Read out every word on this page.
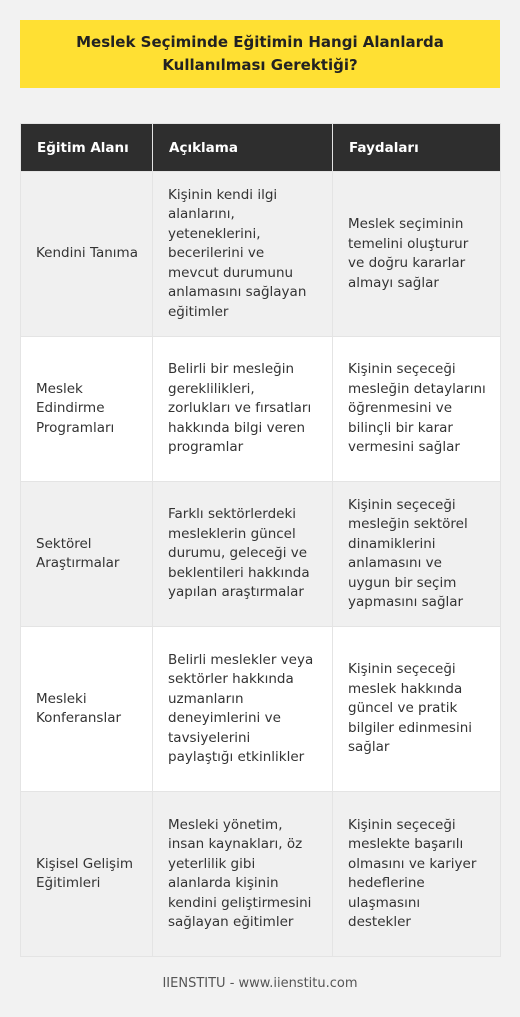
Meslek Seçiminde Eğitimin Hangi Alanlarda Kullanılması Gerektiği?
Eğitim Alanı	Açıklama	Faydaları
Kendini Tanıma	Kişinin kendi ilgi alanlarını, yeteneklerini, becerilerini ve mevcut durumunu anlamasını sağlayan eğitimler	Meslek seçiminin temelini oluşturur ve doğru kararlar almayı sağlar
Meslek Edindirme Programları	Belirli bir mesleğin gereklilikleri, zorlukları ve fırsatları hakkında bilgi veren programlar	Kişinin seçeceği mesleğin detaylarını öğrenmesini ve bilinçli bir karar vermesini sağlar
Sektörel Araştırmalar	Farklı sektörlerdeki mesleklerin güncel durumu, geleceği ve beklentileri hakkında yapılan araştırmalar	Kişinin seçeceği mesleğin sektörel dinamiklerini anlamasını ve uygun bir seçim yapmasını sağlar
Mesleki Konferanslar	Belirli meslekler veya sektörler hakkında uzmanların deneyimlerini ve tavsiyelerini paylaştığı etkinlikler	Kişinin seçeceği meslek hakkında güncel ve pratik bilgiler edinmesini sağlar
Kişisel Gelişim Eğitimleri	Mesleki yönetim, insan kaynakları, öz yeterlilik gibi alanlarda kişinin kendini geliştirmesini sağlayan eğitimler	Kişinin seçeceği meslekte başarılı olmasını ve kariyer hedeflerine ulaşmasını destekler
IIENSTITU - www.iienstitu.com
